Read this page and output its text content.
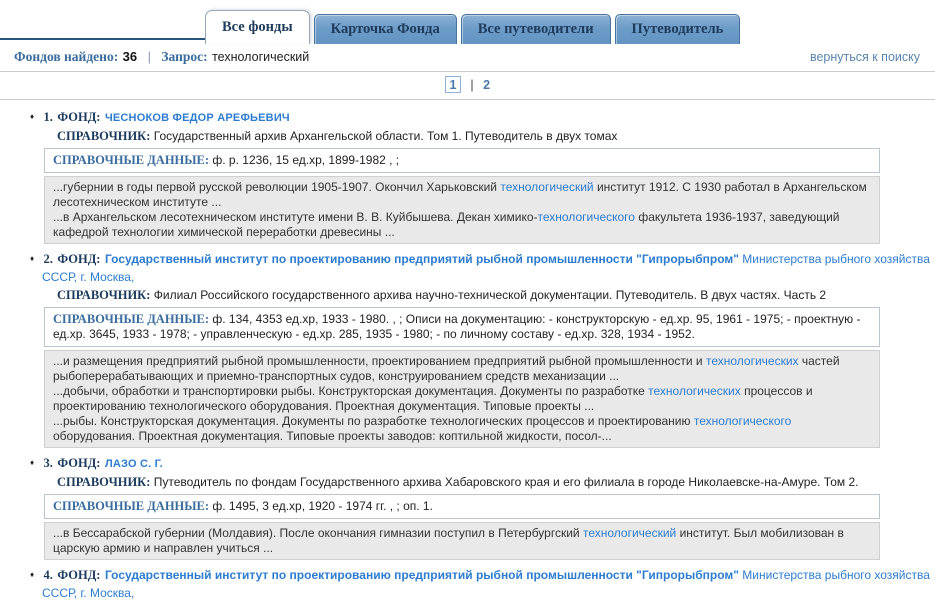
Все фонды	Карточка Фонда	Все путеводители	Путеводитель
Фондов найдено: 36 | Запрос: технологический	вернуться к поиску
1 | 2
♦ 1. ФОНД: ЧЕСНОКОВ ФЕДОР АРЕФЬЕВИЧ
СПРАВОЧНИК: Государственный архив Архангельской области. Том 1. Путеводитель в двух томах
СПРАВОЧНЫЕ ДАННЫЕ: ф. р. 1236, 15 ед.хр, 1899-1982 , ;

...губернии в годы первой русской революции 1905-1907. Окончил Харьковский технологический институт 1912. С 1930 работал в Архангельском лесотехническом институте ...

...в Архангельском лесотехническом институте имени В. В. Куйбышева. Декан химико-технологического факультета 1936-1937, заведующий кафедрой технологии химической переработки древесины ...

♦ 2. ФОНД: Государственный институт по проектированию предприятий рыбной промышленности "Гипрорыбпром" Министерства рыбного хозяйства СССР, г. Москва,
СПРАВОЧНИК: Филиал Российского государственного архива научно-технической документации. Путеводитель. В двух частях. Часть 2
СПРАВОЧНЫЕ ДАННЫЕ: ф. 134, 4353 ед.хр, 1933 - 1980. , ; Описи на документацию: - конструкторскую - ед.хр. 95, 1961 - 1975; - проектную - ед.хр. 3645, 1933 - 1978; - управленческую - ед.хр. 285, 1935 - 1980; - по личному составу - ед.хр. 328, 1934 - 1952.

...и размещения предприятий рыбной промышленности, проектированием предприятий рыбной промышленности и технологических частей рыбоперерабатывающих и приемно-транспортных судов, конструированием средств механизации ...

...добычи, обработки и транспортировки рыбы. Конструкторская документация. Документы по разработке технологических процессов и проектированию технологического оборудования. Проектная документация. Типовые проекты ...

...рыбы. Конструкторская документация. Документы по разработке технологических процессов и проектированию технологического оборудования. Проектная документация. Типовые проекты заводов: коптильной жидкости, посол-...

♦ 3. ФОНД: ЛАЗО С. Г.
СПРАВОЧНИК: Путеводитель по фондам Государственного архива Хабаровского края и его филиала в городе Николаевске-на-Амуре. Том 2.
СПРАВОЧНЫЕ ДАННЫЕ: ф. 1495, 3 ед.хр, 1920 - 1974 гг. , ; оп. 1.

...в Бессарабской губернии (Молдавия). После окончания гимназии поступил в Петербургский технологический институт. Был мобилизован в царскую армию и направлен учиться ...

♦ 4. ФОНД: Государственный институт по проектированию предприятий рыбной промышленности "Гипрорыбпром" Министерства рыбного хозяйства СССР, г. Москва,
